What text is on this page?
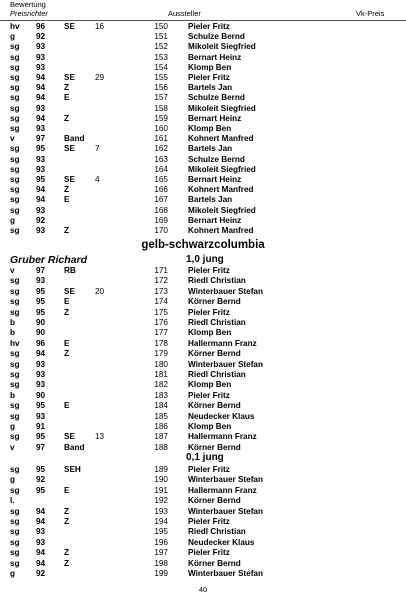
Bewertung
Preisrichter	Aussteller	Vk-Preis
hv 96 SE 16	150 Pieler Fritz
g	92	151 Schulze Bernd
sg 93	152 Mikoleit Siegfried
sg 93	153 Bernart Heinz
sg 93	154 Klomp Ben
sg 94 SE 29	155 Pieler Fritz
sg 94 Z	156 Bartels Jan
sg 94 E	157 Schulze Bernd
sg 93	158 Mikoleit Siegfried
sg 94 Z	159 Bernart Heinz
sg 93	160 Klomp Ben
v	97 Band	161 Kohnert Manfred
sg 95 SE 7	162 Bartels Jan
sg 93	163 Schulze Bernd
sg 93	164 Mikoleit Siegfried
sg 95 SE 4	165 Bernart Heinz
sg 94 Z	166 Kohnert Manfred
sg 94 E	167 Bartels Jan
sg 93	168 Mikoleit Siegfried
g	92	169 Bernart Heinz
sg 93 Z	170 Kohnert Manfred
gelb-schwarzcolumbia
Gruber Richard	1,0 jung
v	97 RB	171 Pieler Fritz
sg 93	172 Riedl Christian
sg 95 SE 20	173 Winterbauer Stefan
sg 95 E	174 Körner Bernd
sg 95 Z	175 Pieler Fritz
b	90	176 Riedl Christian
b	90	177 Klomp Ben
hv 96 E	178 Hallermann Franz
sg 94 Z	179 Körner Bernd
sg 93	180 Winterbauer Stefan
sg 93	181 Riedl Christian
sg 93	182 Klomp Ben
b	90	183 Pieler Fritz
sg 95 E	184 Körner Bernd
sg 93	185 Neudecker Klaus
g	91	186 Klomp Ben
sg 95 SE 13	187 Hallermann Franz
v	97 Band	188 Körner Bernd
0,1 jung
sg 95 SEH	189 Pieler Fritz
g	92	190 Winterbauer Stefan
sg 95 E	191 Hallermann Franz
l.	192 Körner Bernd
sg 94 Z	193 Winterbauer Stefan
sg 94 Z	194 Pieler Fritz
sg 93	195 Riedl Christian
sg 93	196 Neudecker Klaus
sg 94 Z	197 Pieler Fritz
sg 94 Z	198 Körner Bernd
g	92	199 Winterbauer Stefan
40
